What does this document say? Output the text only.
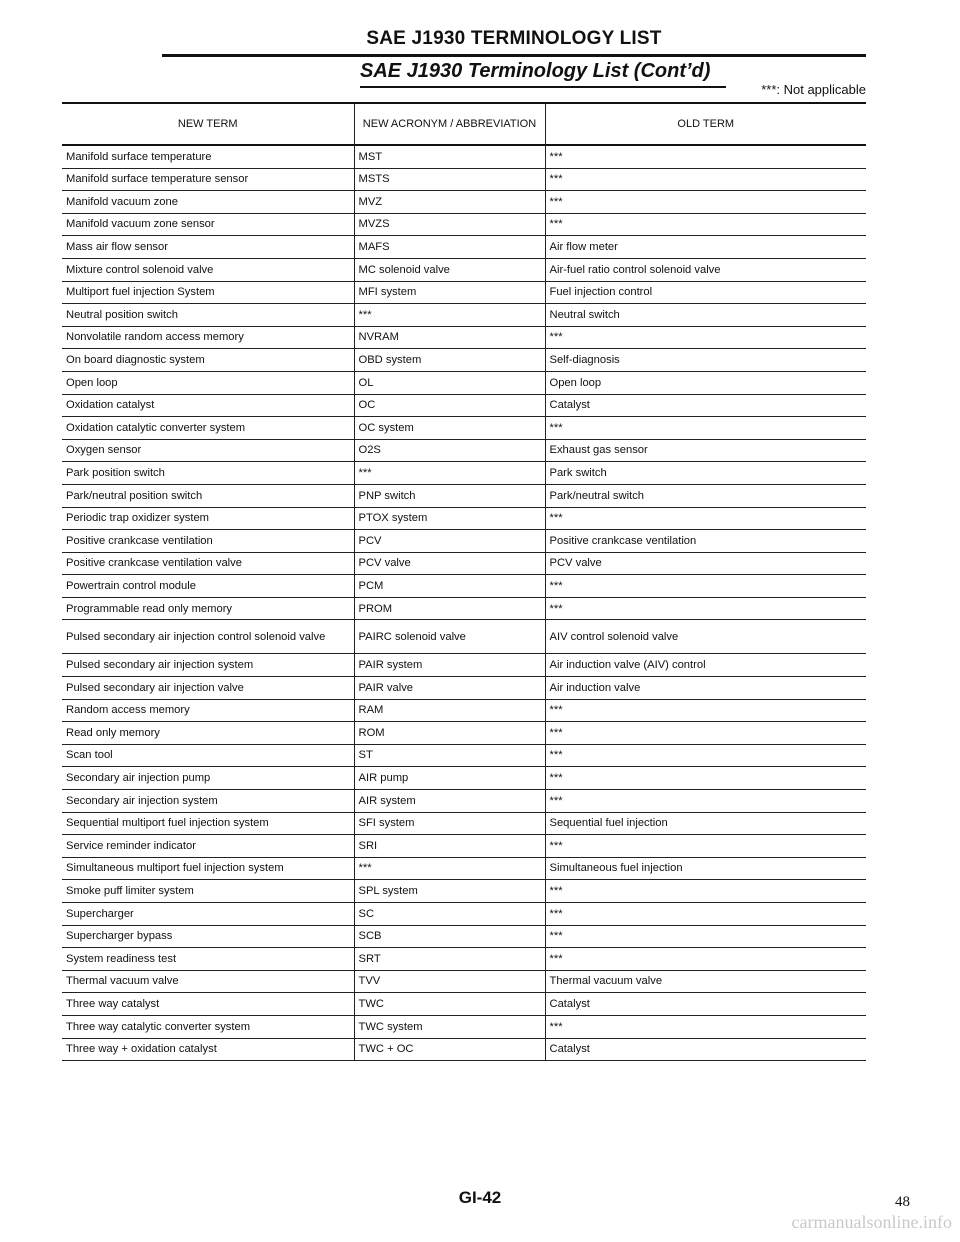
SAE J1930 TERMINOLOGY LIST
SAE J1930 Terminology List (Cont’d)
***: Not applicable
NEW TERM	NEW ACRONYM / ABBREVIATION	OLD TERM
Manifold surface temperature	MST	***
Manifold surface temperature sensor	MSTS	***
Manifold vacuum zone	MVZ	***
Manifold vacuum zone sensor	MVZS	***
Mass air flow sensor	MAFS	Air flow meter
Mixture control solenoid valve	MC solenoid valve	Air-fuel ratio control solenoid valve
Multiport fuel injection System	MFI system	Fuel injection control
Neutral position switch	***	Neutral switch
Nonvolatile random access memory	NVRAM	***
On board diagnostic system	OBD system	Self-diagnosis
Open loop	OL	Open loop
Oxidation catalyst	OC	Catalyst
Oxidation catalytic converter system	OC system	***
Oxygen sensor	O2S	Exhaust gas sensor
Park position switch	***	Park switch
Park/neutral position switch	PNP switch	Park/neutral switch
Periodic trap oxidizer system	PTOX system	***
Positive crankcase ventilation	PCV	Positive crankcase ventilation
Positive crankcase ventilation valve	PCV valve	PCV valve
Powertrain control module	PCM	***
Programmable read only memory	PROM	***
Pulsed secondary air injection control solenoid valve	PAIRC solenoid valve	AIV control solenoid valve
Pulsed secondary air injection system	PAIR system	Air induction valve (AIV) control
Pulsed secondary air injection valve	PAIR valve	Air induction valve
Random access memory	RAM	***
Read only memory	ROM	***
Scan tool	ST	***
Secondary air injection pump	AIR pump	***
Secondary air injection system	AIR system	***
Sequential multiport fuel injection system	SFI system	Sequential fuel injection
Service reminder indicator	SRI	***
Simultaneous multiport fuel injection system	***	Simultaneous fuel injection
Smoke puff limiter system	SPL system	***
Supercharger	SC	***
Supercharger bypass	SCB	***
System readiness test	SRT	***
Thermal vacuum valve	TVV	Thermal vacuum valve
Three way catalyst	TWC	Catalyst
Three way catalytic converter system	TWC system	***
Three way + oxidation catalyst	TWC + OC	Catalyst
GI-42	48
carmanualsonline.info
